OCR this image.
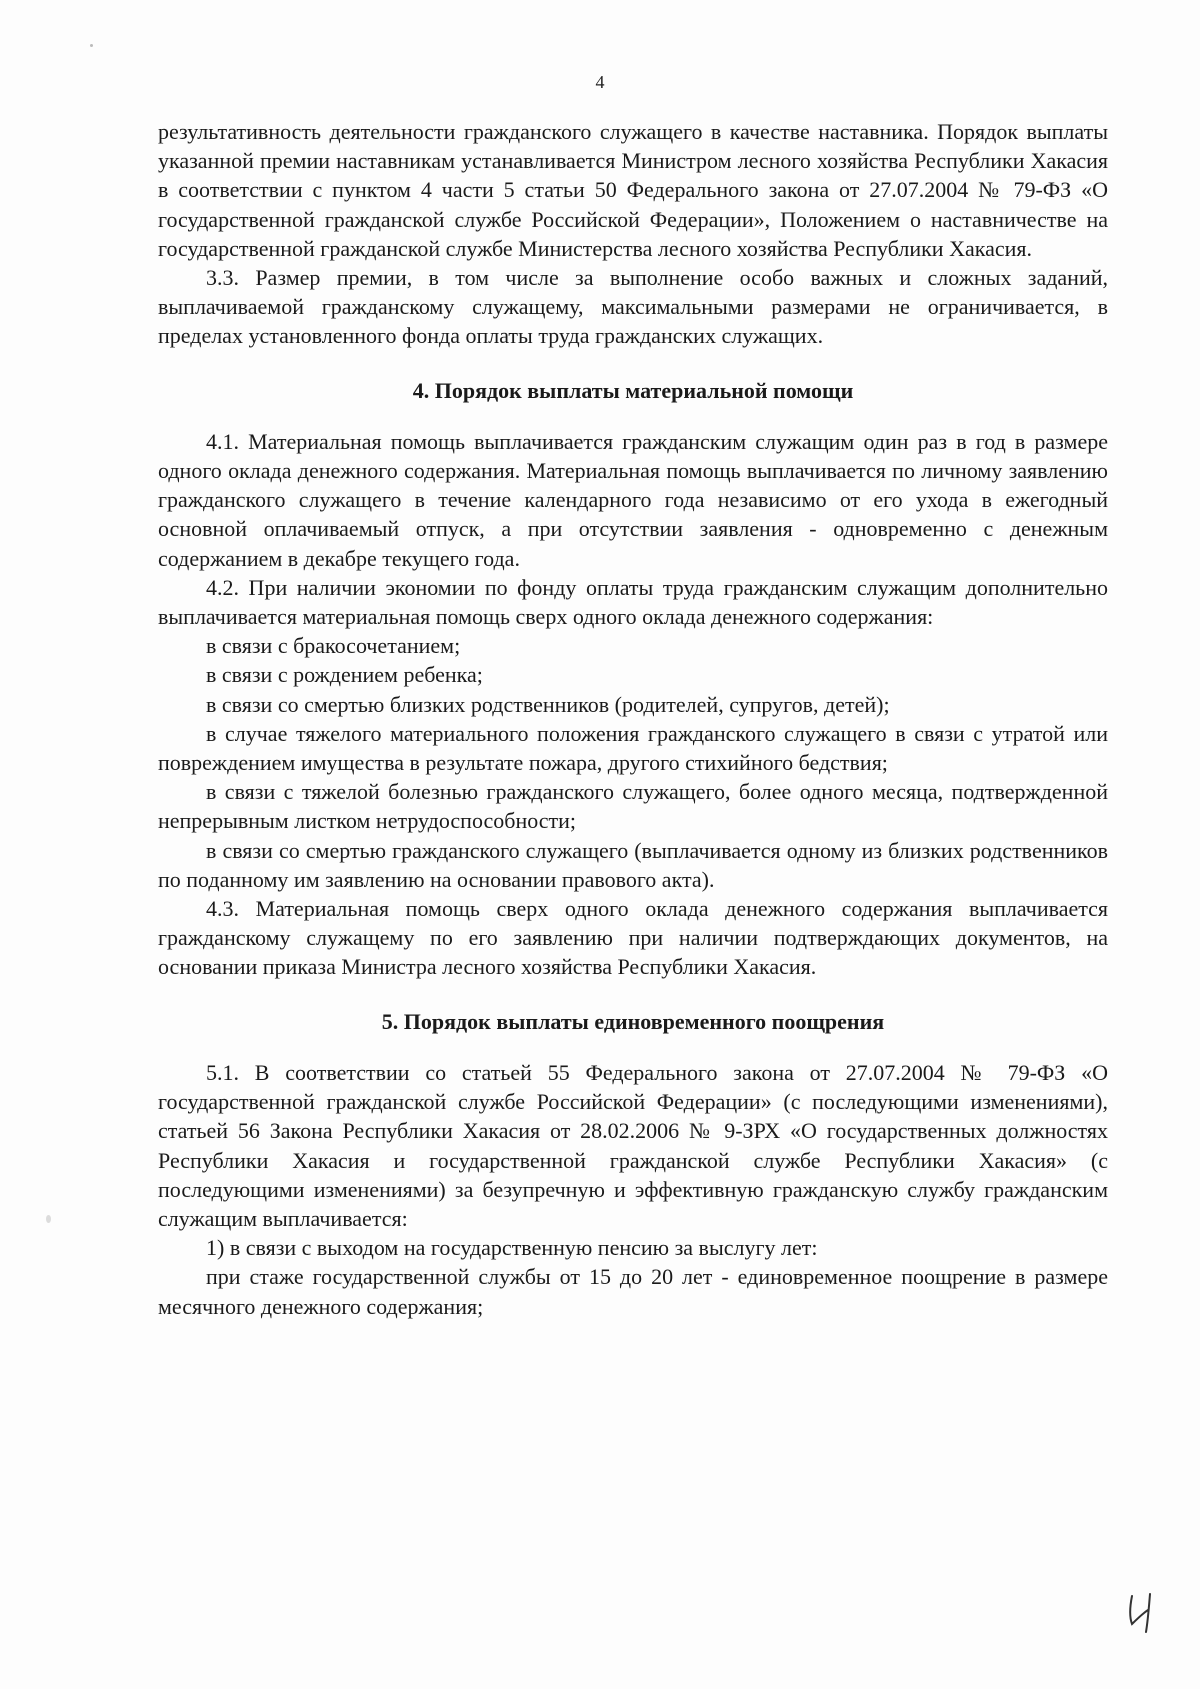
4

результативность деятельности гражданского служащего в качестве наставника. Порядок выплаты указанной премии наставникам устанавливается Министром лесного хозяйства Республики Хакасия в соответствии с пунктом 4 части 5 статьи 50 Федерального закона от 27.07.2004 № 79-ФЗ «О государственной гражданской службе Российской Федерации», Положением о наставничестве на государственной гражданской службе Министерства лесного хозяйства Республики Хакасия.

3.3. Размер премии, в том числе за выполнение особо важных и сложных заданий, выплачиваемой гражданскому служащему, максимальными размерами не ограничивается, в пределах установленного фонда оплаты труда гражданских служащих.

4. Порядок выплаты материальной помощи

4.1. Материальная помощь выплачивается гражданским служащим один раз в год в размере одного оклада денежного содержания. Материальная помощь выплачивается по личному заявлению гражданского служащего в течение календарного года независимо от его ухода в ежегодный основной оплачиваемый отпуск, а при отсутствии заявления - одновременно с денежным содержанием в декабре текущего года.

4.2. При наличии экономии по фонду оплаты труда гражданским служащим дополнительно выплачивается материальная помощь сверх одного оклада денежного содержания:

в связи с бракосочетанием;

в связи с рождением ребенка;

в связи со смертью близких родственников (родителей, супругов, детей);

в случае тяжелого материального положения гражданского служащего в связи с утратой или повреждением имущества в результате пожара, другого стихийного бедствия;

в связи с тяжелой болезнью гражданского служащего, более одного месяца, подтвержденной непрерывным листком нетрудоспособности;

в связи со смертью гражданского служащего (выплачивается одному из близких родственников по поданному им заявлению на основании правового акта).

4.3. Материальная помощь сверх одного оклада денежного содержания выплачивается гражданскому служащему по его заявлению при наличии подтверждающих документов, на основании приказа Министра лесного хозяйства Республики Хакасия.

5. Порядок выплаты единовременного поощрения

5.1. В соответствии со статьей 55 Федерального закона от 27.07.2004 № 79-ФЗ «О государственной гражданской службе Российской Федерации» (с последующими изменениями), статьей 56 Закона Республики Хакасия от 28.02.2006 № 9-ЗРХ «О государственных должностях Республики Хакасия и государственной гражданской службе Республики Хакасия» (с последующими изменениями) за безупречную и эффективную гражданскую службу гражданским служащим выплачивается:

1) в связи с выходом на государственную пенсию за выслугу лет:

при стаже государственной службы от 15 до 20 лет - единовременное поощрение в размере месячного денежного содержания;
